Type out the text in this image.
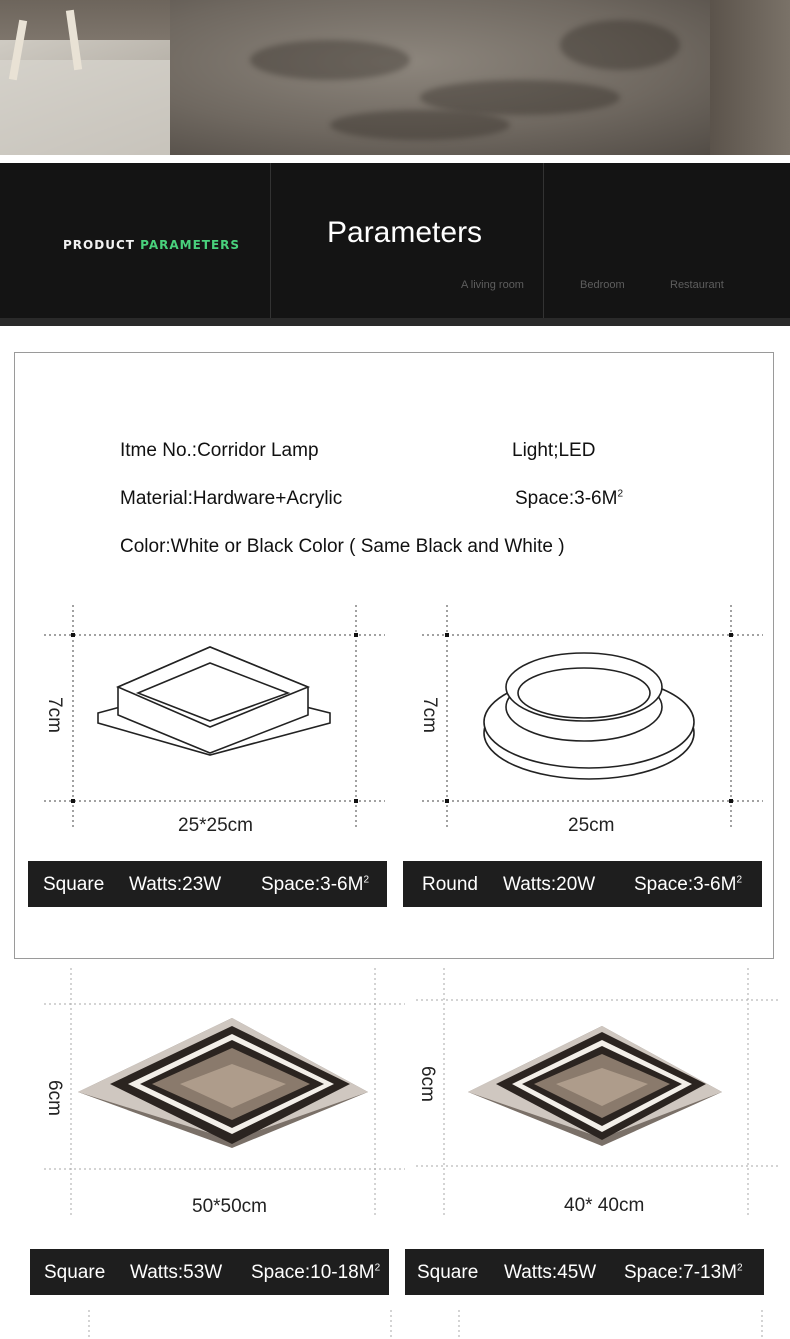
PRODUCT PARAMETERS	Parameters
A living room	Bedroom	Restaurant
Itme No.:Corridor Lamp	Light;LED
Material:Hardware+Acrylic	$Space:3-6M^2$
Color:White or Black Color ( Same Black and White )
7cm
25*25cm
7cm
25cm
Square Watts:23W $Space:3-6M^2$	Round Watts:20W $Space:3-6M^2$
6cm
50*50cm
6cm
40* 40cm
Square Watts:53W $Space:10-18M^2$ Square Watts:45W $Space:7-13M^2$
